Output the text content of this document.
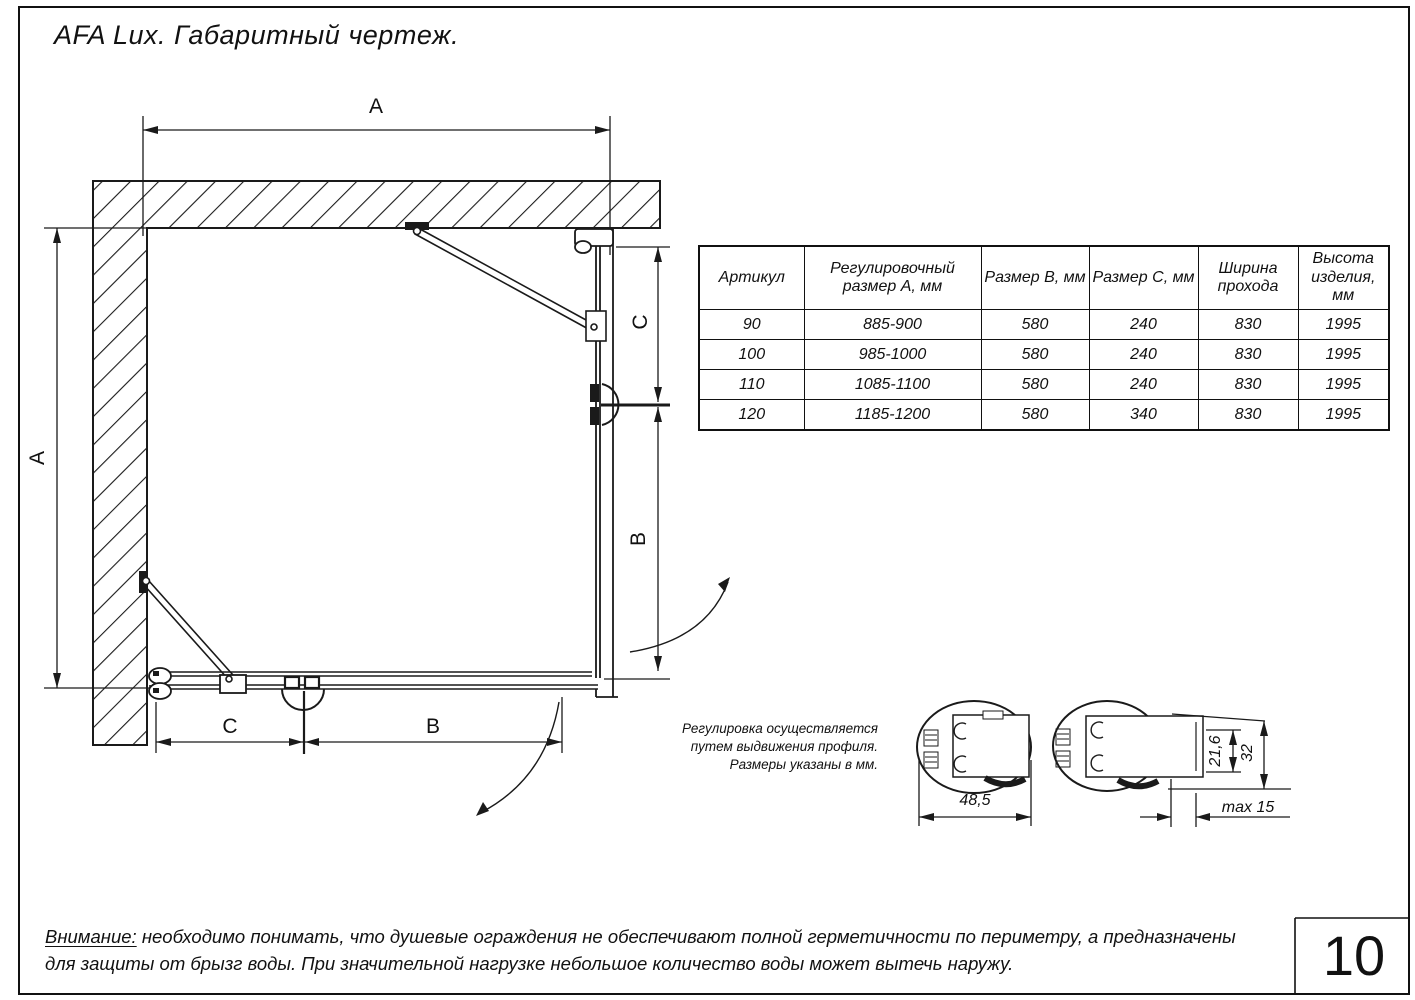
AFA Lux. Габаритный чертеж.
A
A
C
B
C	B
Артикул	Регулировочный размер А, мм	Размер В, мм	Размер С, мм	Ширина прохода	Высота изделия, мм
90	885-900	580	240	830	1995
100	985-1000	580	240	830	1995
110	1085-1100	580	240	830	1995
120	1185-1200	580	340	830	1995
Регулировка осуществляется
путем выдвижения профиля.
Размеры указаны в мм.
48,5
21,6 32
max 15
Внимание: необходимо понимать, что душевые ограждения не обеспечивают полной герметичности по периметру, а предназначены
для защиты от брызг воды. При значительной нагрузке небольшое количество воды может вытечь наружу.	10
